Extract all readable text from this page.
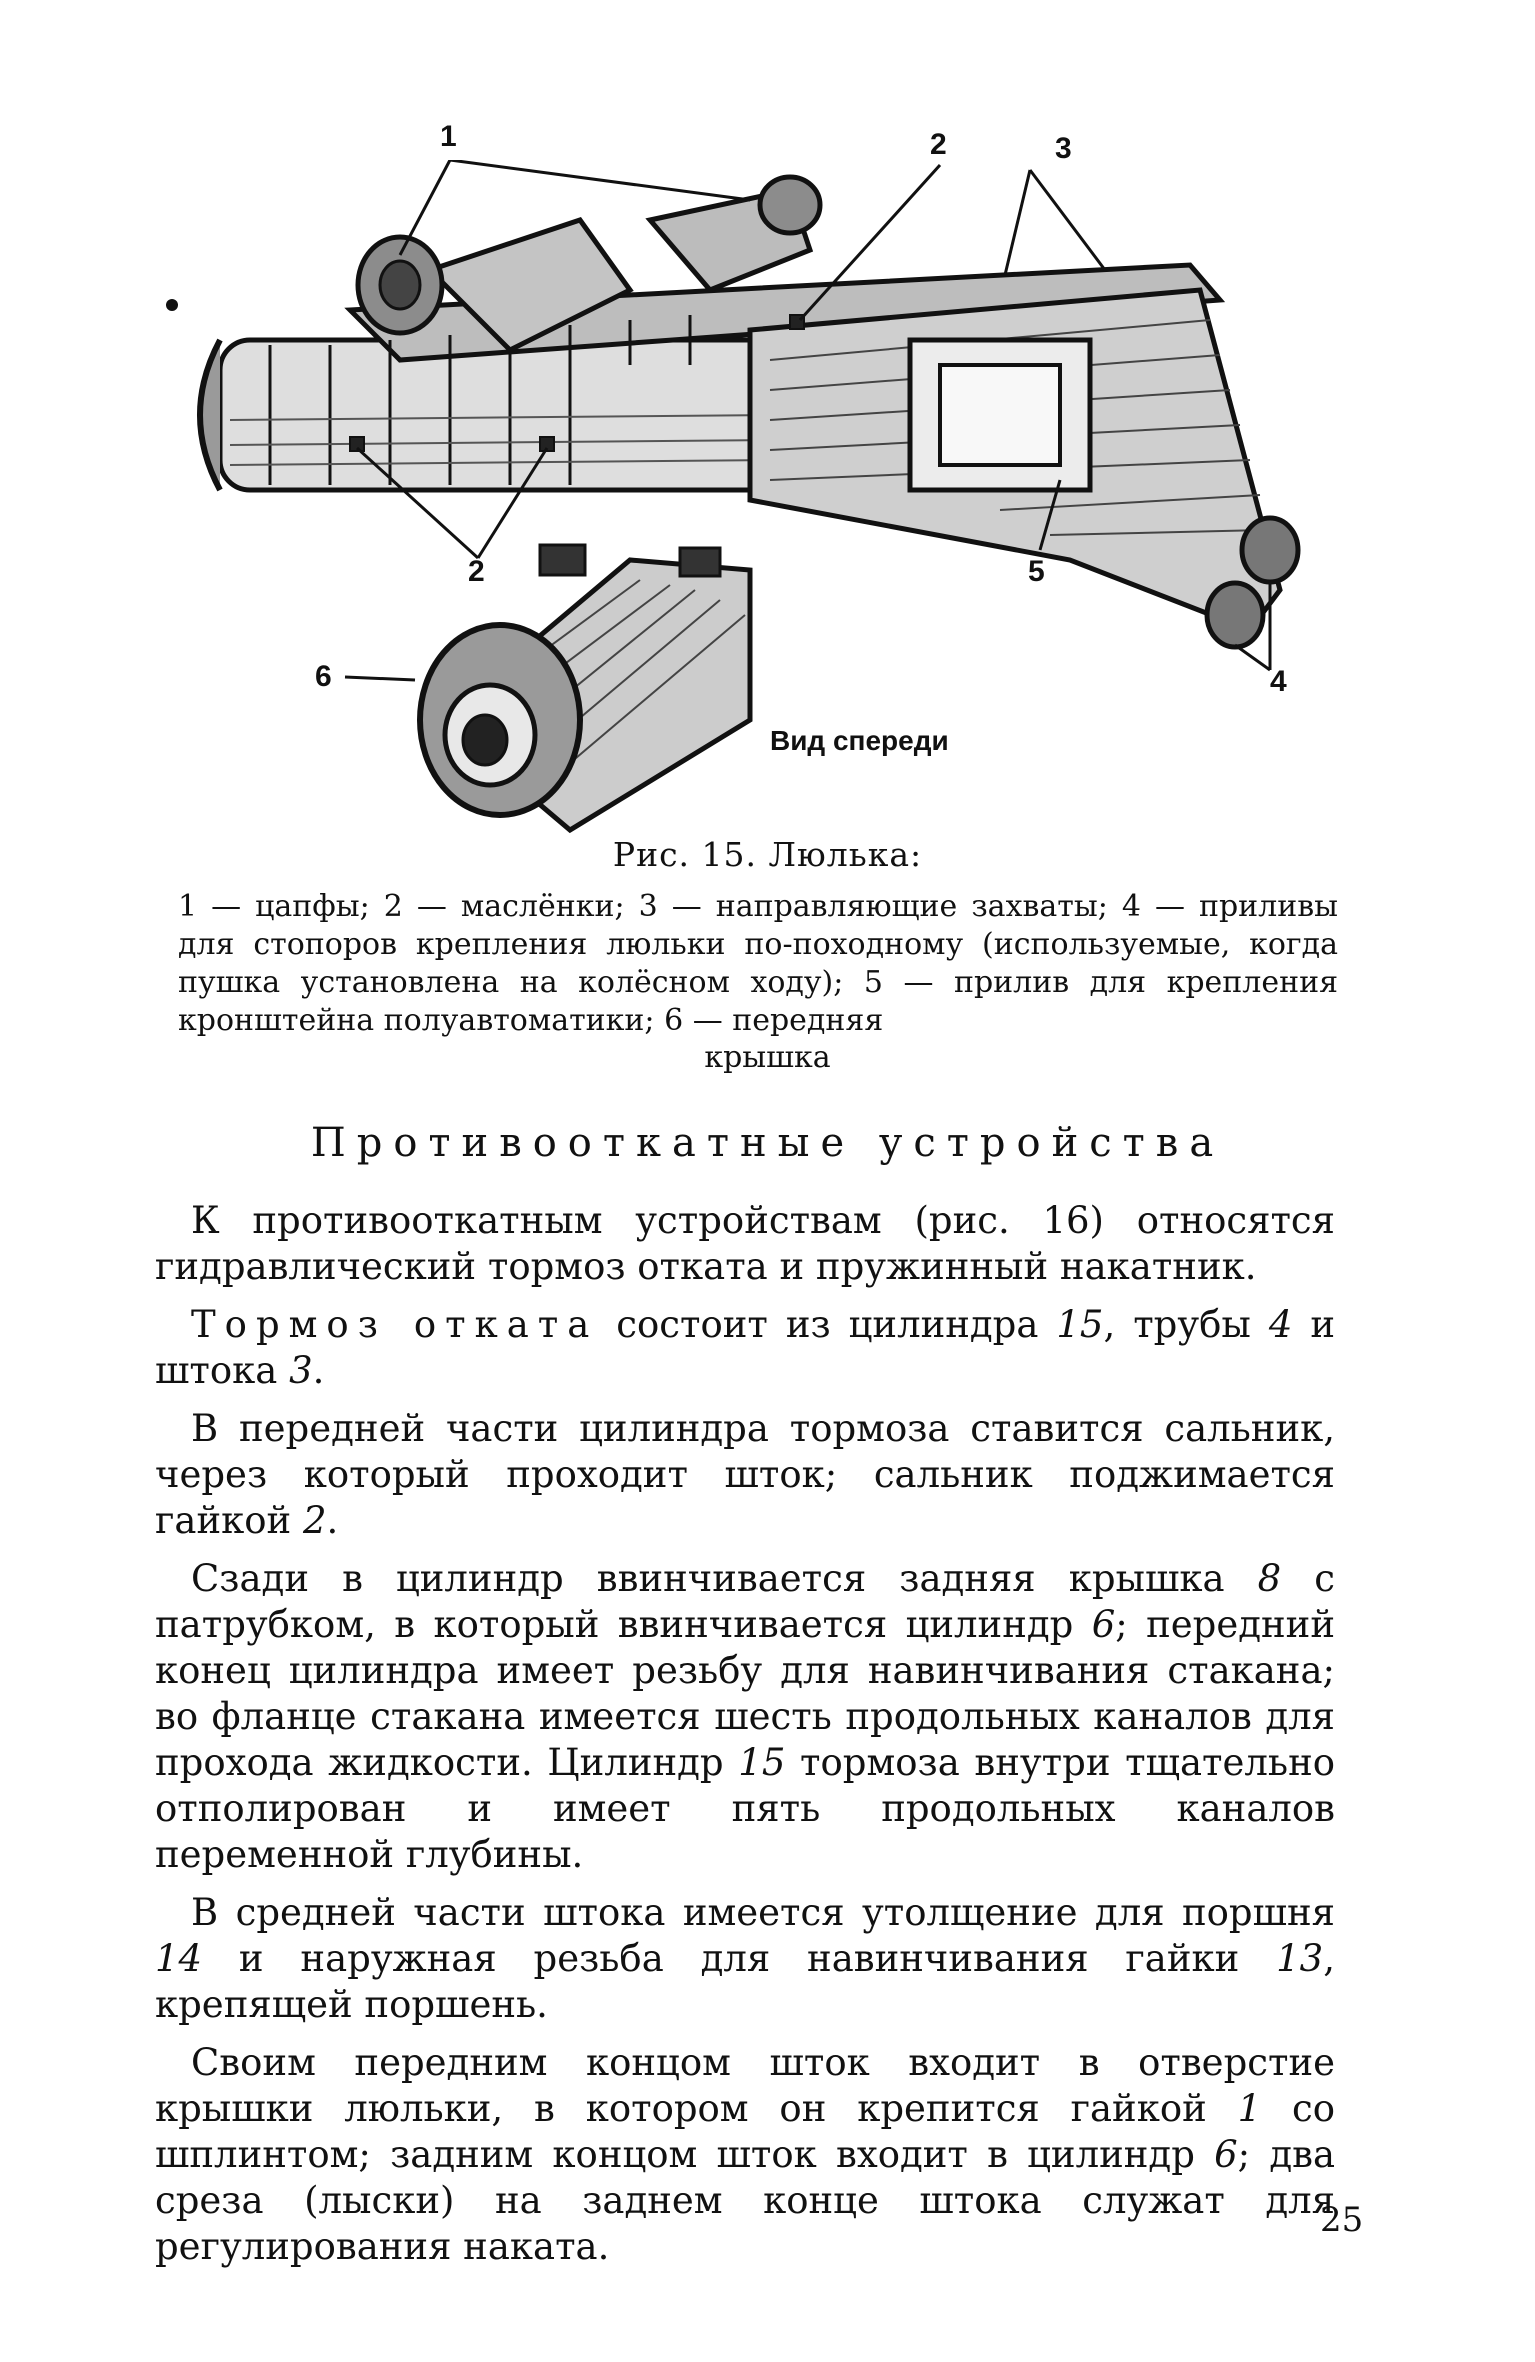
1	2	3
2	5
4
6
Вид спереди
Рис. 15. Люлька:
1 — цапфы; 2 — маслёнки; 3 — направляющие захваты; 4 — приливы для стопоров крепления люльки по-походному (используемые, когда пушка установлена на колёсном ходу); 5 — прилив для крепления кронштейна полуавтоматики; 6 — передняя
крышка
Противооткатные устройства

К противооткатным устройствам (рис. 16) относятся гидравлический тормоз отката и пружинный накатник.

Тормоз отката состоит из цилиндра 15, трубы 4 и штока 3.

В передней части цилиндра тормоза ставится сальник, через который проходит шток; сальник поджимается гайкой 2.

Сзади в цилиндр ввинчивается задняя крышка 8 с патрубком, в который ввинчивается цилиндр 6; передний конец цилиндра имеет резьбу для навинчивания стакана; во фланце стакана имеется шесть продольных каналов для прохода жидкости. Цилиндр 15 тормоза внутри тщательно отполирован и имеет пять продольных каналов переменной глубины.

В средней части штока имеется утолщение для поршня 14 и наружная резьба для навинчивания гайки 13, крепящей поршень.

Своим передним концом шток входит в отверстие крышки люльки, в котором он крепится гайкой 1 со шплинтом; задним концом шток входит в цилиндр 6; два среза (лыски) на заднем конце штока служат для регулирования наката.

25
